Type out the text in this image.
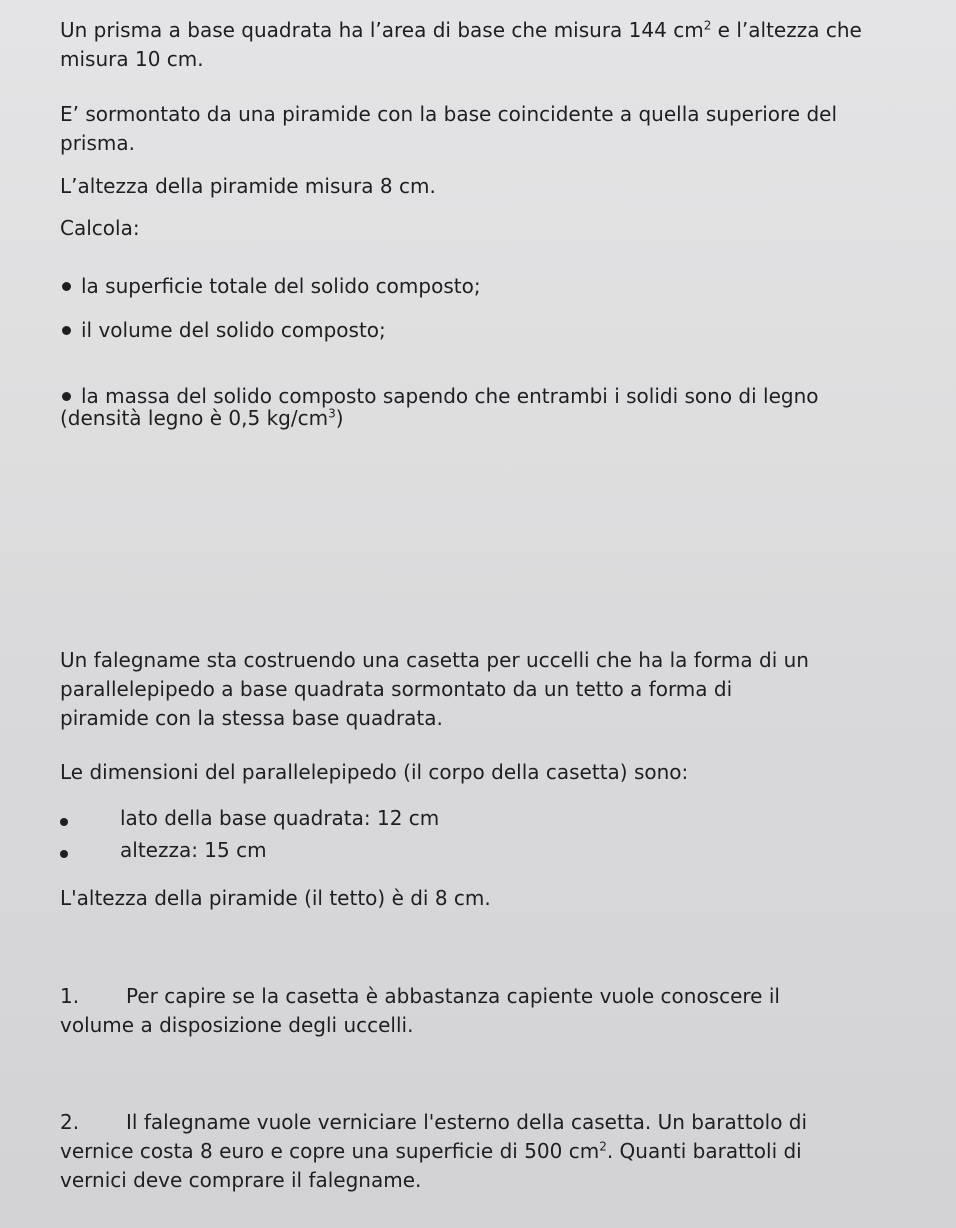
Un prisma a base quadrata ha l’area di base che misura 144 $cm^2$ e l’altezza che
misura 10 cm.

E’ sormontato da una piramide con la base coincidente a quella superiore del
prisma.

L’altezza della piramide misura 8 cm.

Calcola:

la superficie totale del solido composto;
il volume del solido composto;
la massa del solido composto sapendo che entrambi i solidi sono di legno

(densità legno è 0,5 $kg/cm^3$)

Un falegname sta costruendo una casetta per uccelli che ha la forma di un
parallelepipedo a base quadrata sormontato da un tetto a forma di
piramide con la stessa base quadrata.

Le dimensioni del parallelepipedo (il corpo della casetta) sono:

lato della base quadrata: 12 cm
altezza: 15 cm

L'altezza della piramide (il tetto) è di 8 cm.

1.	Per capire se la casetta è abbastanza capiente vuole conoscere il
volume a disposizione degli uccelli.

2.	Il falegname vuole verniciare l'esterno della casetta. Un barattolo di
vernice costa 8 euro e copre una superficie di 500 $cm^2$. Quanti barattoli di
vernici deve comprare il falegname.
